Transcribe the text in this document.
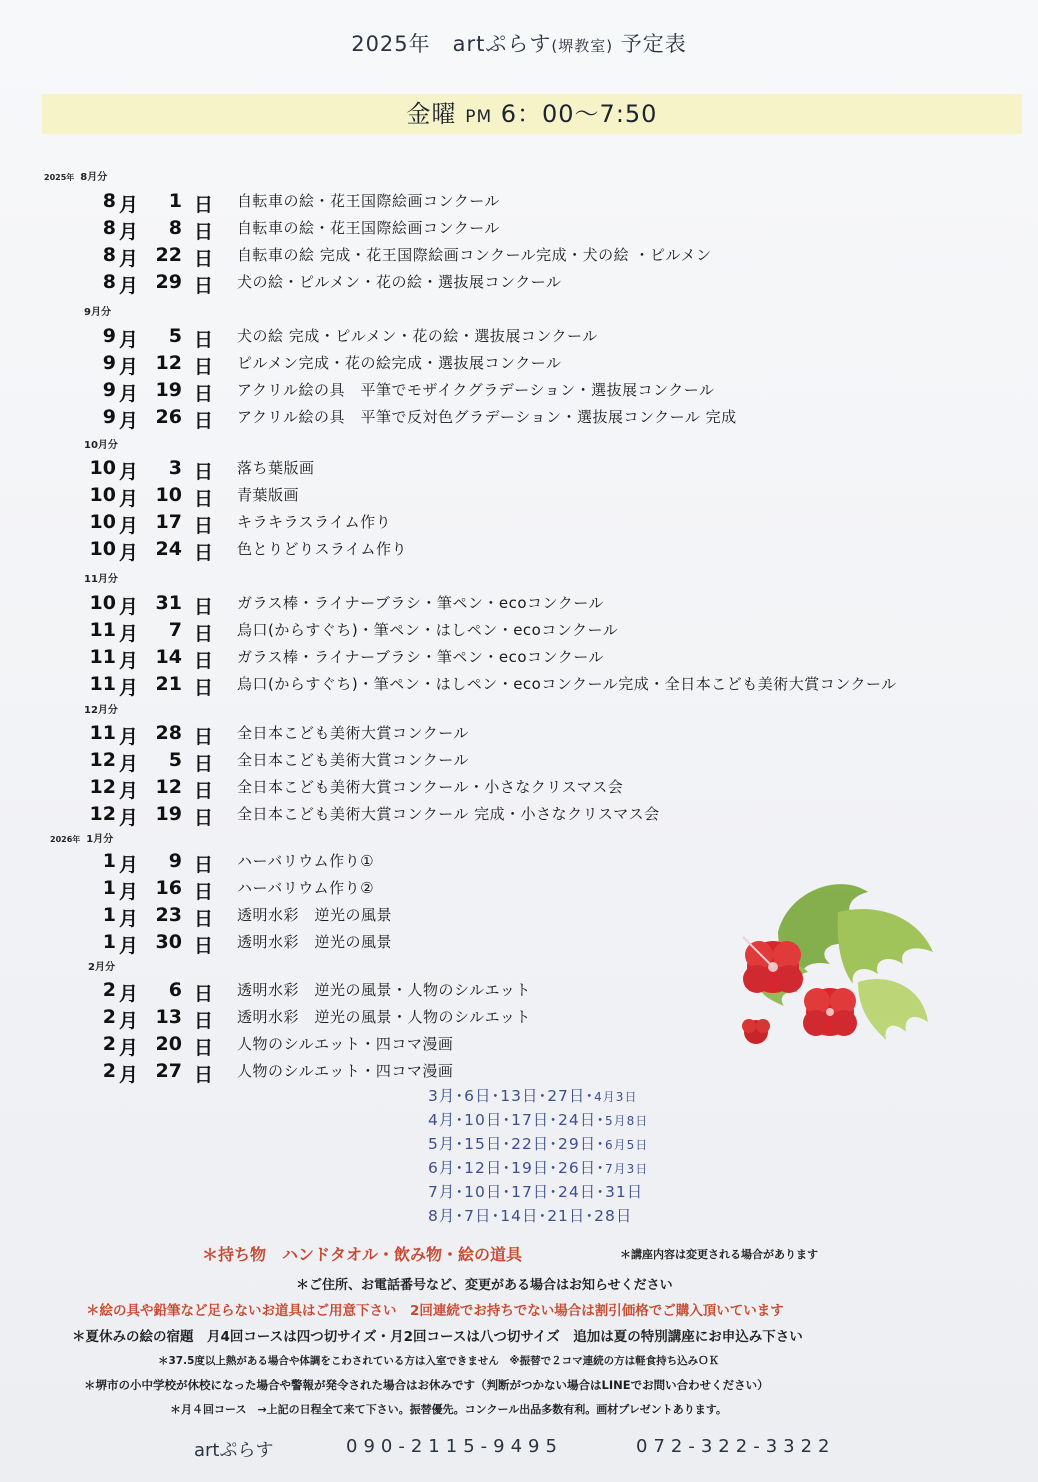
2025年　artぷらす(堺教室) 予定表
金曜 PM 6：00〜7:50
2025年 8月分
9月分
10月分
11月分
12月分
2026年 1月分
2月分
8 月	1 日 自転車の絵・花王国際絵画コンクール
8 月	8 日 自転車の絵・花王国際絵画コンクール
8 月 22 日 自転車の絵 完成・花王国際絵画コンクール完成・犬の絵 ・ピルメン
8 月 29 日 犬の絵・ピルメン・花の絵・選抜展コンクール
9 月	5 日 犬の絵 完成・ピルメン・花の絵・選抜展コンクール
9 月 12 日 ピルメン完成・花の絵完成・選抜展コンクール
9 月 19 日 アクリル絵の具　平筆でモザイクグラデーション・選抜展コンクール
9 月 26 日 アクリル絵の具　平筆で反対色グラデーション・選抜展コンクール 完成
10 月	3 日 落ち葉版画
10 月 10 日 青葉版画
10 月 17 日 キラキラスライム作り
10 月 24 日 色とりどりスライム作り
10 月 31 日 ガラス棒・ライナーブラシ・筆ペン・ecoコンクール
11 月	7 日 烏口(からすぐち)・筆ペン・はしペン・ecoコンクール
11 月 14 日 ガラス棒・ライナーブラシ・筆ペン・ecoコンクール
11 月 21 日 烏口(からすぐち)・筆ペン・はしペン・ecoコンクール完成・全日本こども美術大賞コンクール
11 月 28 日 全日本こども美術大賞コンクール
12 月	5 日 全日本こども美術大賞コンクール
12 月 12 日 全日本こども美術大賞コンクール・小さなクリスマス会
12 月 19 日 全日本こども美術大賞コンクール 完成・小さなクリスマス会
1 月	9 日 ハーバリウム作り①
1 月 16 日 ハーバリウム作り②
1 月 23 日 透明水彩　逆光の風景
1 月 30 日 透明水彩　逆光の風景
2 月	6 日 透明水彩　逆光の風景・人物のシルエット
2 月 13 日 透明水彩　逆光の風景・人物のシルエット
2 月 20 日 人物のシルエット・四コマ漫画
2 月 27 日 人物のシルエット・四コマ漫画
3月･6日･13日･27日･4月3日
4月･10日･17日･24日･5月8日
5月･15日･22日･29日･6月5日
6月･12日･19日･26日･7月3日
7月･10日･17日･24日･31日
8月･7日･14日･21日･28日
＊持ち物　ハンドタオル・飲み物・絵の道具	＊講座内容は変更される場合があります
＊ご住所、お電話番号など、変更がある場合はお知らせください
＊絵の具や鉛筆など足らないお道具はご用意下さい　2回連続でお持ちでない場合は割引価格でご購入頂いています
＊夏休みの絵の宿題　月4回コースは四つ切サイズ・月2回コースは八つ切サイズ　追加は夏の特別講座にお申込み下さい
＊37.5度以上熱がある場合や体調をこわされている方は入室できません　※振替で２コマ連続の方は軽食持ち込みＯＫ
＊堺市の小中学校が休校になった場合や警報が発令された場合はお休みです（判断がつかない場合はLINEでお問い合わせください）
＊月４回コース　→上記の日程全て来て下さい。振替優先。コンクール出品多数有利。画材プレゼントあります。
artぷらす	090-2115-9495	072-322-3322
